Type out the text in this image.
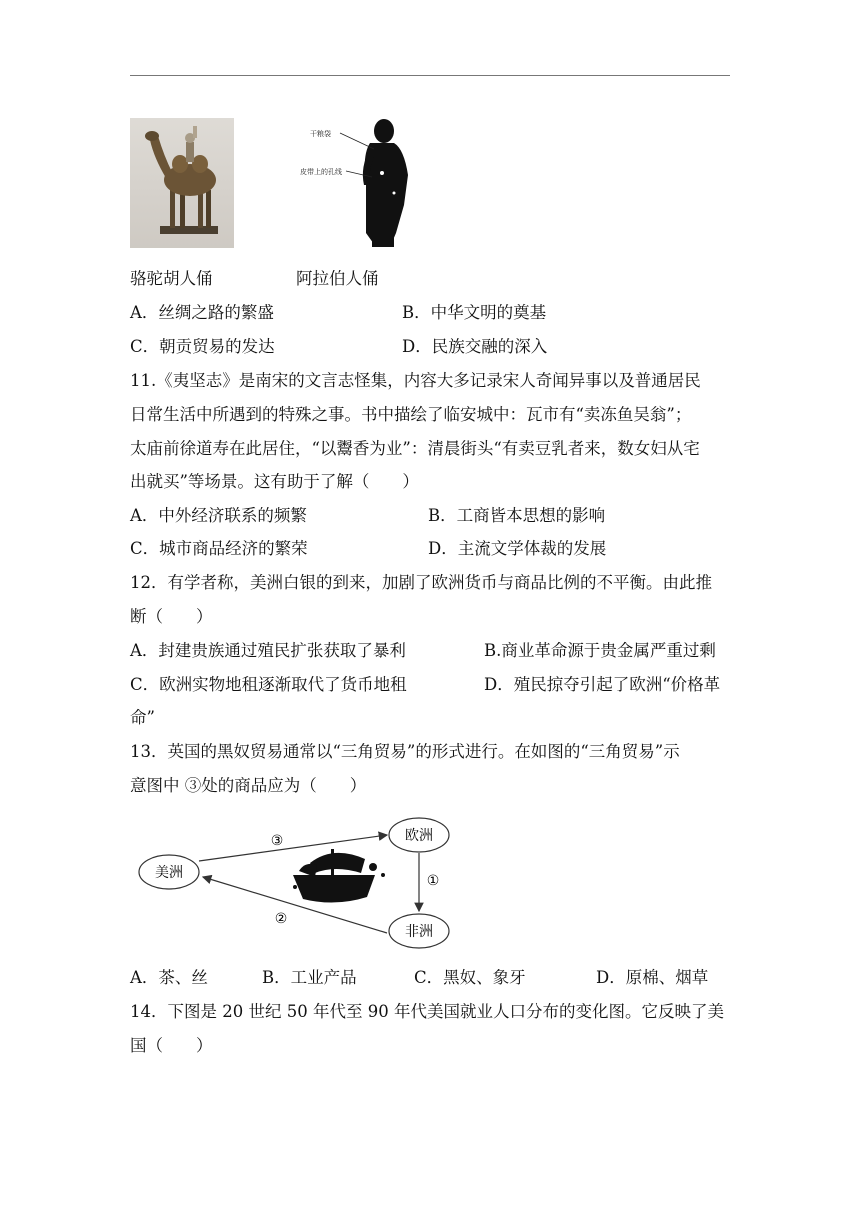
干粮袋
皮带上的孔线
骆驼胡人俑	阿拉伯人俑
A．丝绸之路的繁盛	B．中华文明的奠基
C．朝贡贸易的发达	D．民族交融的深入
11.《夷坚志》是南宋的文言志怪集，内容大多记录宋人奇闻异事以及普通居民
日常生活中所遇到的特殊之事。书中描绘了临安城中：瓦市有“卖冻鱼吴翁”；
太庙前徐道寿在此居住，“以鬻香为业”：清晨街头“有卖豆乳者来，数女妇从宅
出就买”等场景。这有助于了解（　　）
A．中外经济联系的频繁	B．工商皆本思想的影响
C．城市商品经济的繁荣	D．主流文学体裁的发展
12．有学者称，美洲白银的到来，加剧了欧洲货币与商品比例的不平衡。由此推
断（　　）
A．封建贵族通过殖民扩张获取了暴利	B.商业革命源于贵金属严重过剩
C．欧洲实物地租逐渐取代了货币地租	D．殖民掠夺引起了欧洲“价格革
命”
13．英国的黑奴贸易通常以“三角贸易”的形式进行。在如图的“三角贸易”示
意图中 ③处的商品应为（　　）
美洲
欧洲
非洲
③
①
②
A．茶、丝	B．工业产品	C．黑奴、象牙	D．原棉、烟草
14．下图是 20 世纪 50 年代至 90 年代美国就业人口分布的变化图。它反映了美
国（　　）
